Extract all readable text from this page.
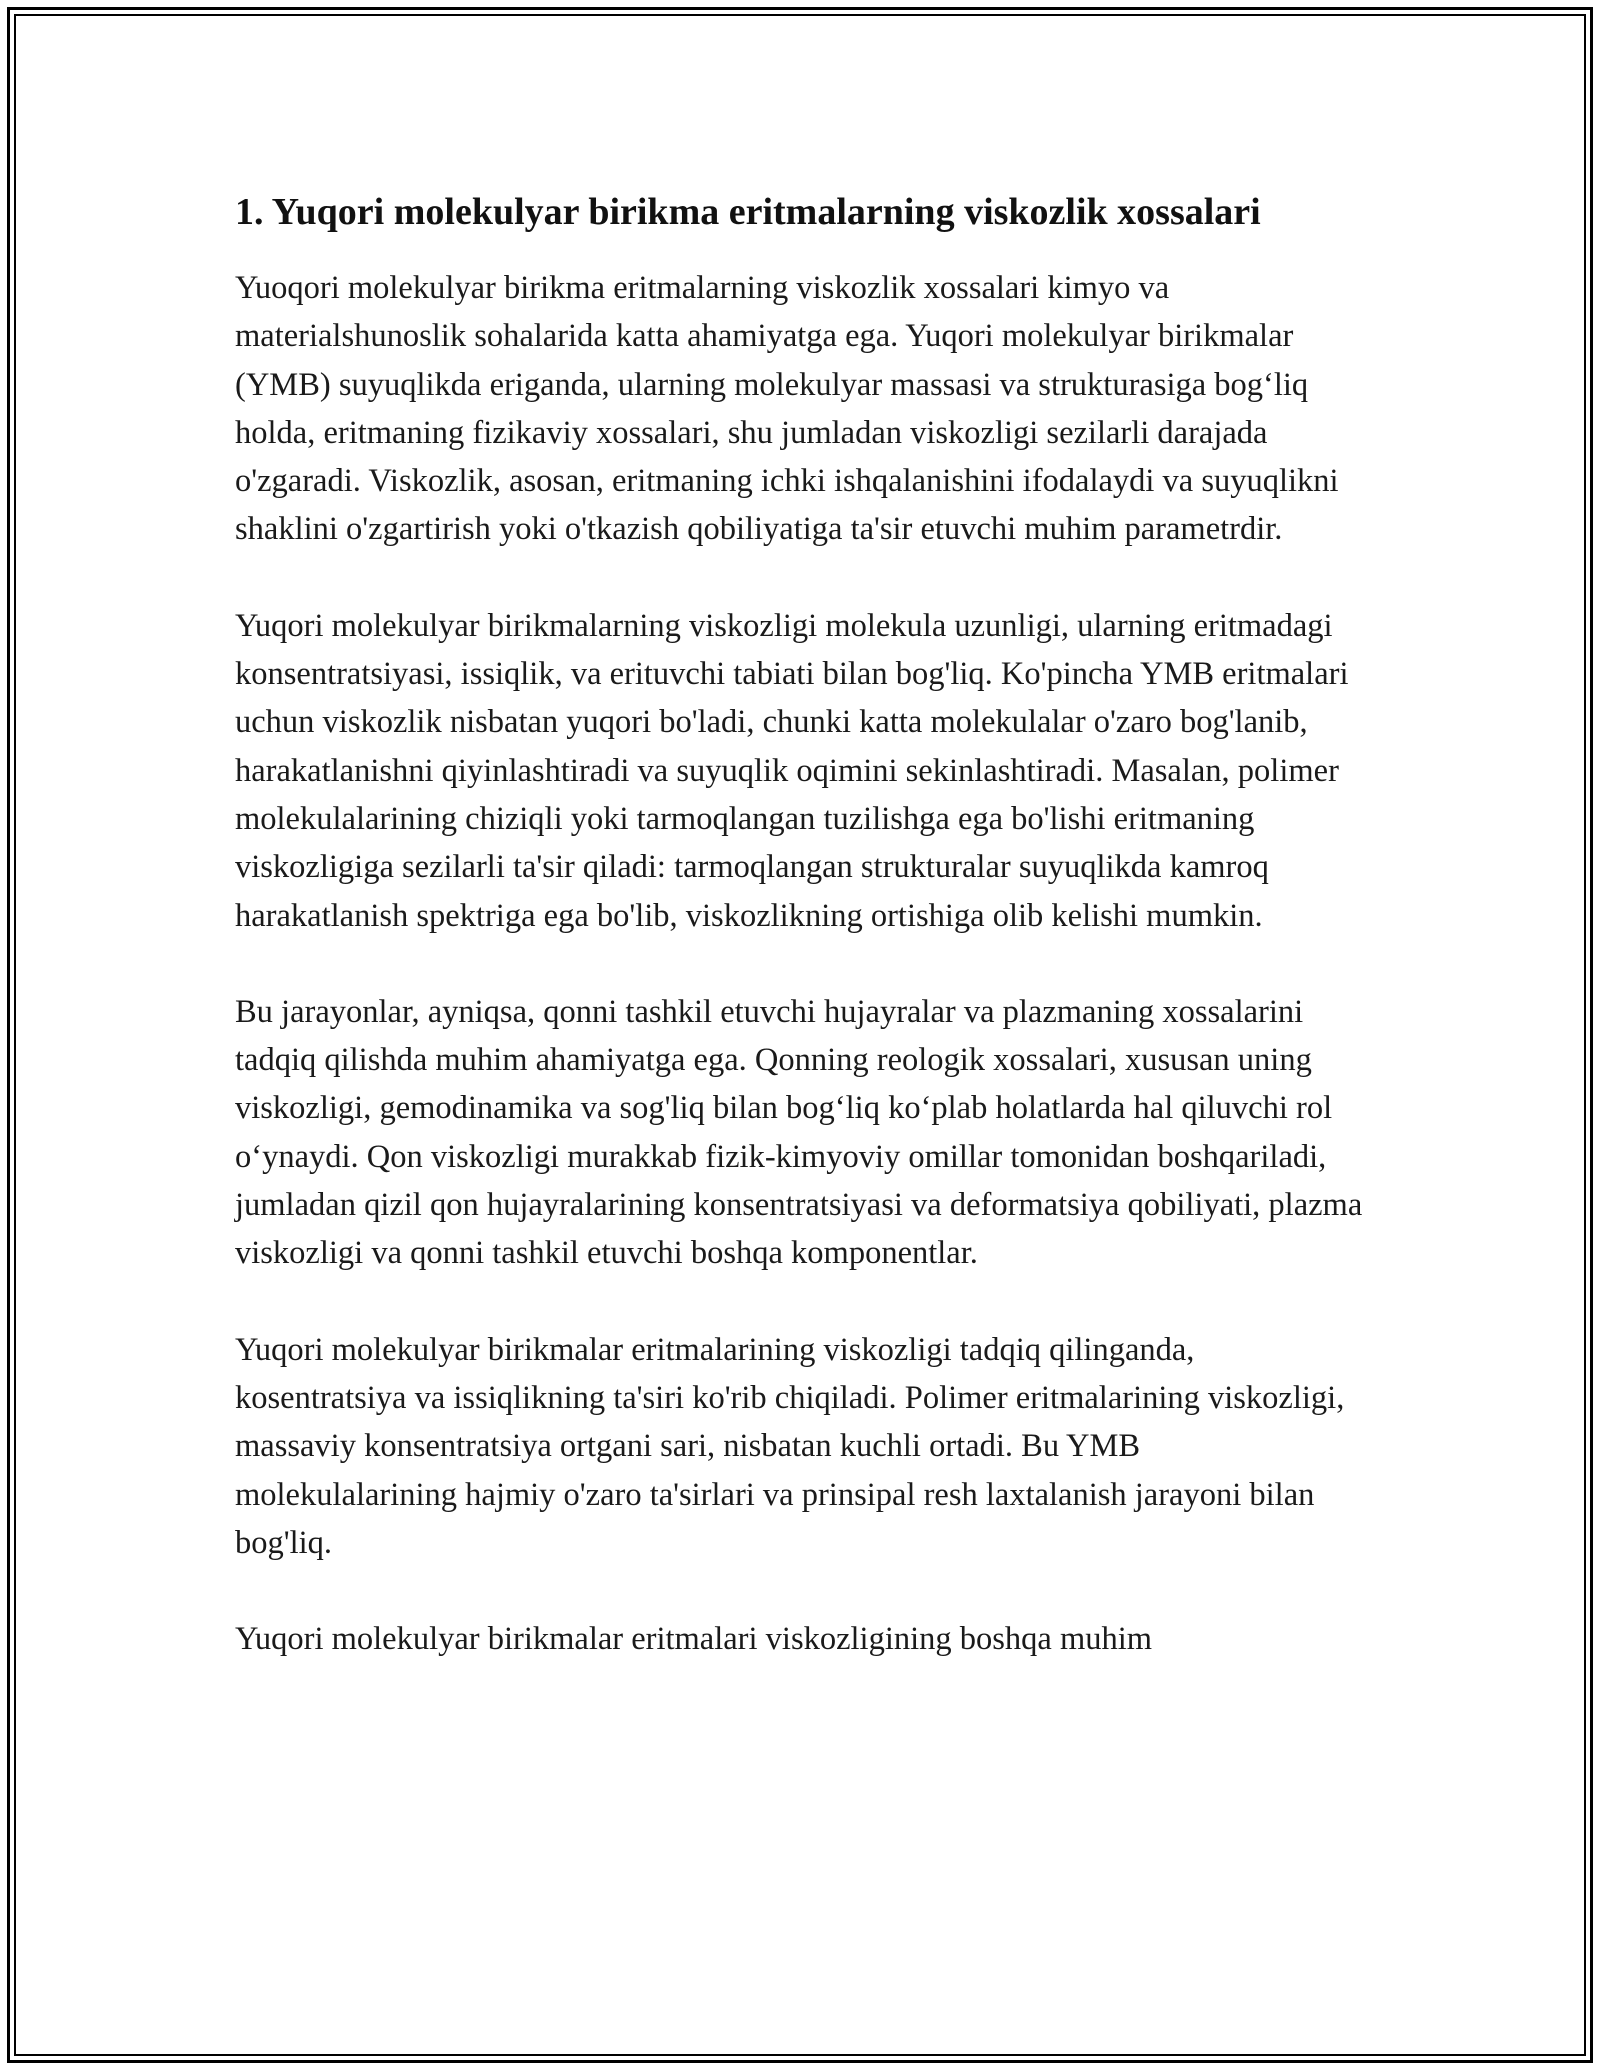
1. Yuqori molekulyar birikma eritmalarning viskozlik xossalari

Yuoqori molekulyar birikma eritmalarning viskozlik xossalari kimyo va materialshunoslik sohalarida katta ahamiyatga ega. Yuqori molekulyar birikmalar (YMB) suyuqlikda eriganda, ularning molekulyar massasi va strukturasiga bog‘liq holda, eritmaning fizikaviy xossalari, shu jumladan viskozligi sezilarli darajada o'zgaradi. Viskozlik, asosan, eritmaning ichki ishqalanishini ifodalaydi va suyuqlikni shaklini o'zgartirish yoki o'tkazish qobiliyatiga ta'sir etuvchi muhim parametrdir.

Yuqori molekulyar birikmalarning viskozligi molekula uzunligi, ularning eritmadagi konsentratsiyasi, issiqlik, va erituvchi tabiati bilan bog'liq. Ko'pincha YMB eritmalari uchun viskozlik nisbatan yuqori bo'ladi, chunki katta molekulalar o'zaro bog'lanib, harakatlanishni qiyinlashtiradi va suyuqlik oqimini sekinlashtiradi. Masalan, polimer molekulalarining chiziqli yoki tarmoqlangan tuzilishga ega bo'lishi eritmaning viskozligiga sezilarli ta'sir qiladi: tarmoqlangan strukturalar suyuqlikda kamroq harakatlanish spektriga ega bo'lib, viskozlikning ortishiga olib kelishi mumkin.

Bu jarayonlar, ayniqsa, qonni tashkil etuvchi hujayralar va plazmaning xossalarini tadqiq qilishda muhim ahamiyatga ega. Qonning reologik xossalari, xususan uning viskozligi, gemodinamika va sog'liq bilan bog‘liq ko‘plab holatlarda hal qiluvchi rol o‘ynaydi. Qon viskozligi murakkab fizik-kimyoviy omillar tomonidan boshqariladi, jumladan qizil qon hujayralarining konsentratsiyasi va deformatsiya qobiliyati, plazma viskozligi va qonni tashkil etuvchi boshqa komponentlar.

Yuqori molekulyar birikmalar eritmalarining viskozligi tadqiq qilinganda, kosentratsiya va issiqlikning ta'siri ko'rib chiqiladi. Polimer eritmalarining viskozligi, massaviy konsentratsiya ortgani sari, nisbatan kuchli ortadi. Bu YMB molekulalarining hajmiy o'zaro ta'sirlari va prinsipal resh laxtalanish jarayoni bilan bog'liq.

Yuqori molekulyar birikmalar eritmalari viskozligining boshqa muhim
